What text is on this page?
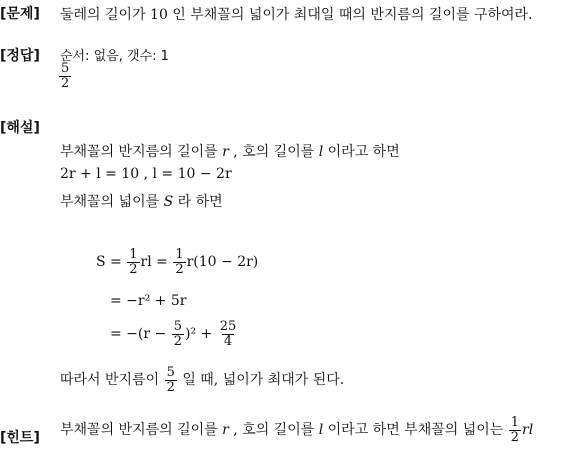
[문제] 둘레의 길이가 10 인 부채꼴의 넓이가 최대일 때의 반지름의 길이를 구하여라.
[정답] 순서: 없음, 갯수: 1
$\frac{5}{2}$
[해설]
부채꼴의 반지름의 길이를 r , 호의 길이를 l 이라고 하면
2r + l = 10 , l = 10 − 2r
부채꼴의 넓이를 S 라 하면
$S = \frac{1}{2}$ rl = $\frac{1}{2} r(10 - 2r)$
= −r² + 5r
= $-(r - \frac{5}{2} )^2 + \frac{25}{4}$
따라서 반지름이 $\frac{5}{2}$ 일 때, 넓이가 최대가 된다.
[힌트] 부채꼴의 반지름의 길이를 r , 호의 길이를 l 이라고 하면 부채꼴의 넓이는 $\frac{1}{2}$ rl
